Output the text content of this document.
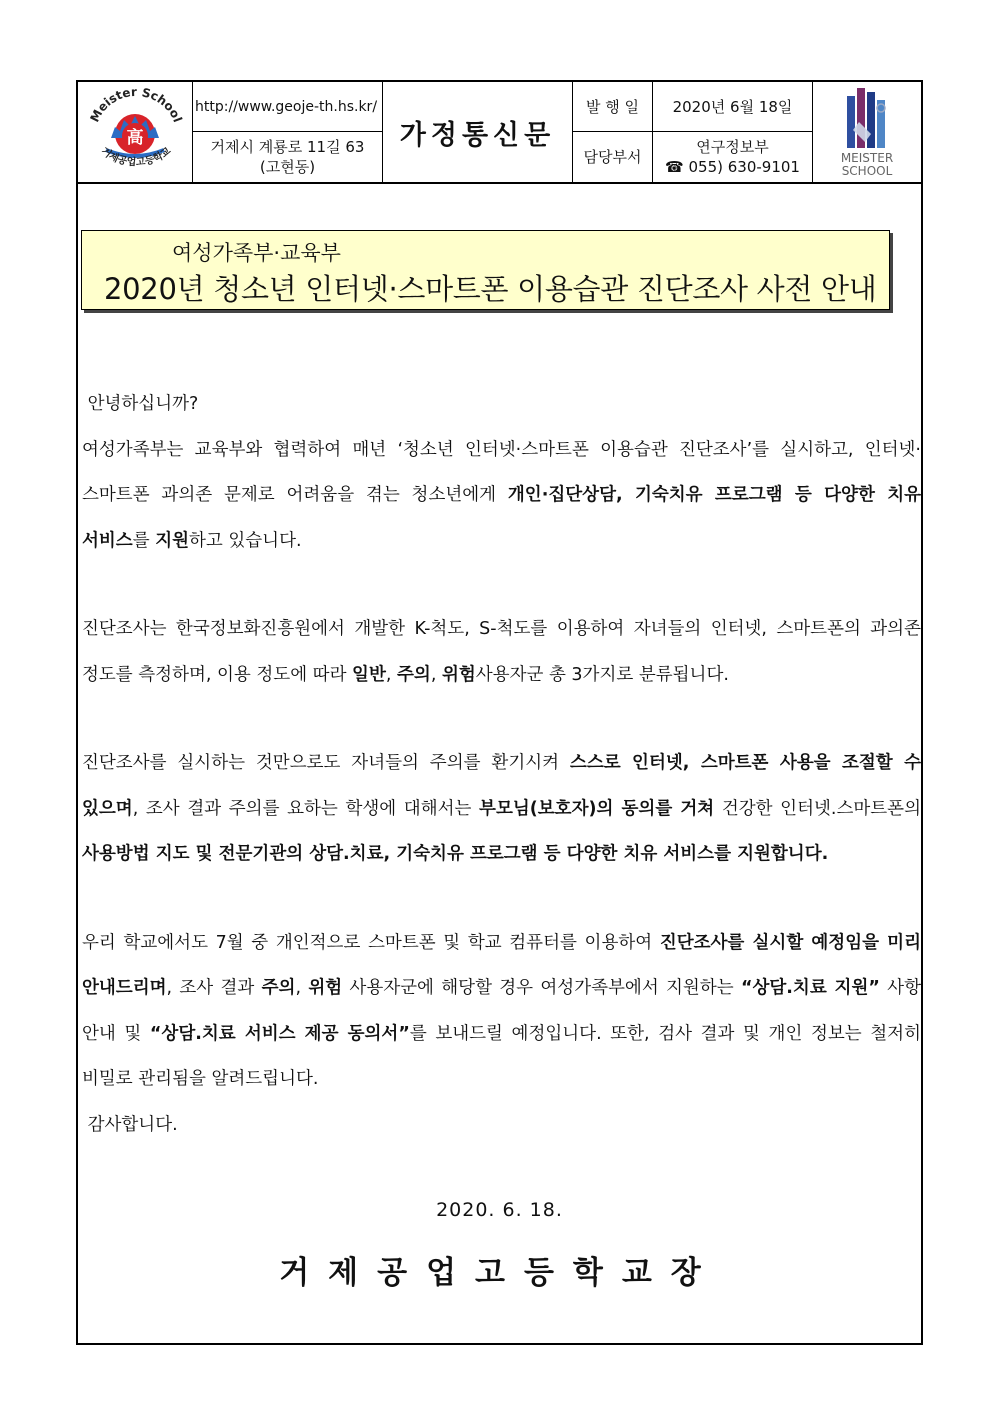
Meister School
高
거제공업고등학교
http://www.geoje-th.hs.kr/
거제시 계룡로 11길 63
(고현동)
가정통신문
발 행 일
담당부서
2020년 6월 18일
연구정보부
☎ 055) 630-9101	MEISTER
SCHOOL
여성가족부·교육부
2020년 청소년 인터넷·스마트폰 이용습관 진단조사 사전 안내

안녕하십니까?

여성가족부는 교육부와 협력하여 매년 ‘청소년 인터넷·스마트폰 이용습관 진단조사’를 실시하고, 인터넷·스마트폰 과의존 문제로 어려움을 겪는 청소년에게 개인·집단상담, 기숙치유 프로그램 등 다양한 치유 서비스를 지원하고 있습니다.

진단조사는 한국정보화진흥원에서 개발한 K-척도, S-척도를 이용하여 자녀들의 인터넷, 스마트폰의 과의존 정도를 측정하며, 이용 정도에 따라 일반, 주의, 위험사용자군 총 3가지로 분류됩니다.

진단조사를 실시하는 것만으로도 자녀들의 주의를 환기시켜 스스로 인터넷, 스마트폰 사용을 조절할 수 있으며, 조사 결과 주의를 요하는 학생에 대해서는 부모님(보호자)의 동의를 거쳐 건강한 인터넷.스마트폰의 사용방법 지도 및 전문기관의 상담.치료, 기숙치유 프로그램 등 다양한 치유 서비스를 지원합니다.

우리 학교에서도 7월 중 개인적으로 스마트폰 및 학교 컴퓨터를 이용하여 진단조사를 실시할 예정임을 미리 안내드리며, 조사 결과 주의, 위험 사용자군에 해당할 경우 여성가족부에서 지원하는 “상담.치료 지원” 사항 안내 및 “상담.치료 서비스 제공 동의서”를 보내드릴 예정입니다. 또한, 검사 결과 및 개인 정보는 철저히 비밀로 관리됨을 알려드립니다.

감사합니다.

2020. 6. 18.
거제공업고등학교장
